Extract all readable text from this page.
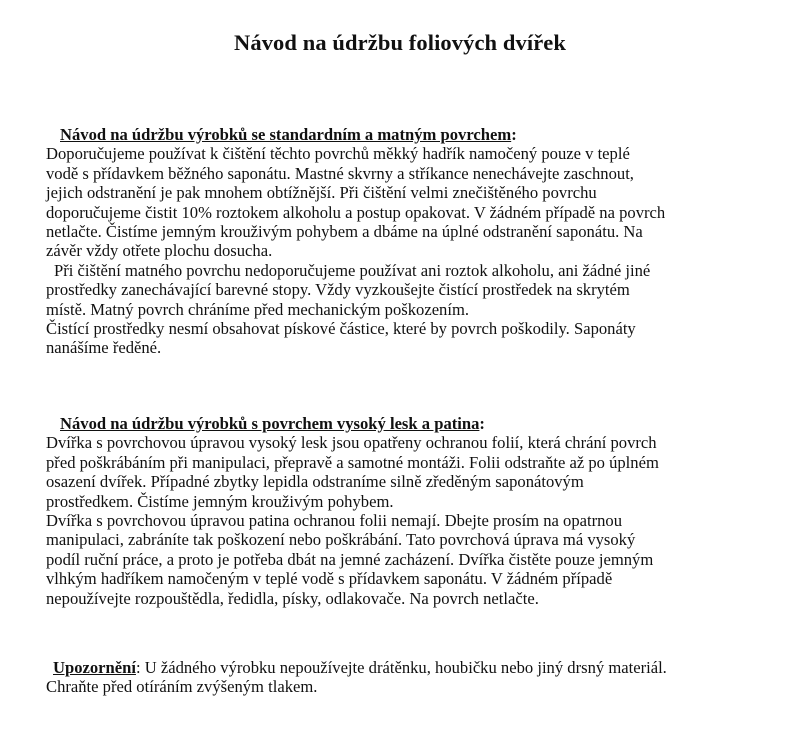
Návod na údržbu foliových dvířek
Návod na údržbu výrobků se standardním a matným povrchem:
Doporučujeme používat k čištění těchto povrchů měkký hadřík namočený pouze v teplé
vodě s přídavkem běžného saponátu. Mastné skvrny a stříkance nenechávejte zaschnout,
jejich odstranění je pak mnohem obtížnější. Při čištění velmi znečištěného povrchu
doporučujeme čistit 10% roztokem alkoholu a postup opakovat. V žádném případě na povrch
netlačte. Čistíme jemným krouživým pohybem a dbáme na úplné odstranění saponátu. Na
závěr vždy otřete plochu dosucha.
Při čištění matného povrchu nedoporučujeme používat ani roztok alkoholu, ani žádné jiné
prostředky zanechávající barevné stopy. Vždy vyzkoušejte čistící prostředek na skrytém
místě. Matný povrch chráníme před mechanickým poškozením.
Čistící prostředky nesmí obsahovat pískové částice, které by povrch poškodily. Saponáty
nanášíme ředěné.
Návod na údržbu výrobků s povrchem vysoký lesk a patina:
Dvířka s povrchovou úpravou vysoký lesk jsou opatřeny ochranou folií, která chrání povrch
před poškrábáním při manipulaci, přepravě a samotné montáži. Folii odstraňte až po úplném
osazení dvířek. Případné zbytky lepidla odstraníme silně zředěným saponátovým
prostředkem. Čistíme jemným krouživým pohybem.
Dvířka s povrchovou úpravou patina ochranou folii nemají. Dbejte prosím na opatrnou
manipulaci, zabráníte tak poškození nebo poškrábání. Tato povrchová úprava má vysoký
podíl ruční práce, a proto je potřeba dbát na jemné zacházení. Dvířka čistěte pouze jemným
vlhkým hadříkem namočeným v teplé vodě s přídavkem saponátu. V žádném případě
nepoužívejte rozpouštědla, ředidla, písky, odlakovače. Na povrch netlačte.
Upozornění: U žádného výrobku nepoužívejte drátěnku, houbičku nebo jiný drsný materiál.
Chraňte před otíráním zvýšeným tlakem.
